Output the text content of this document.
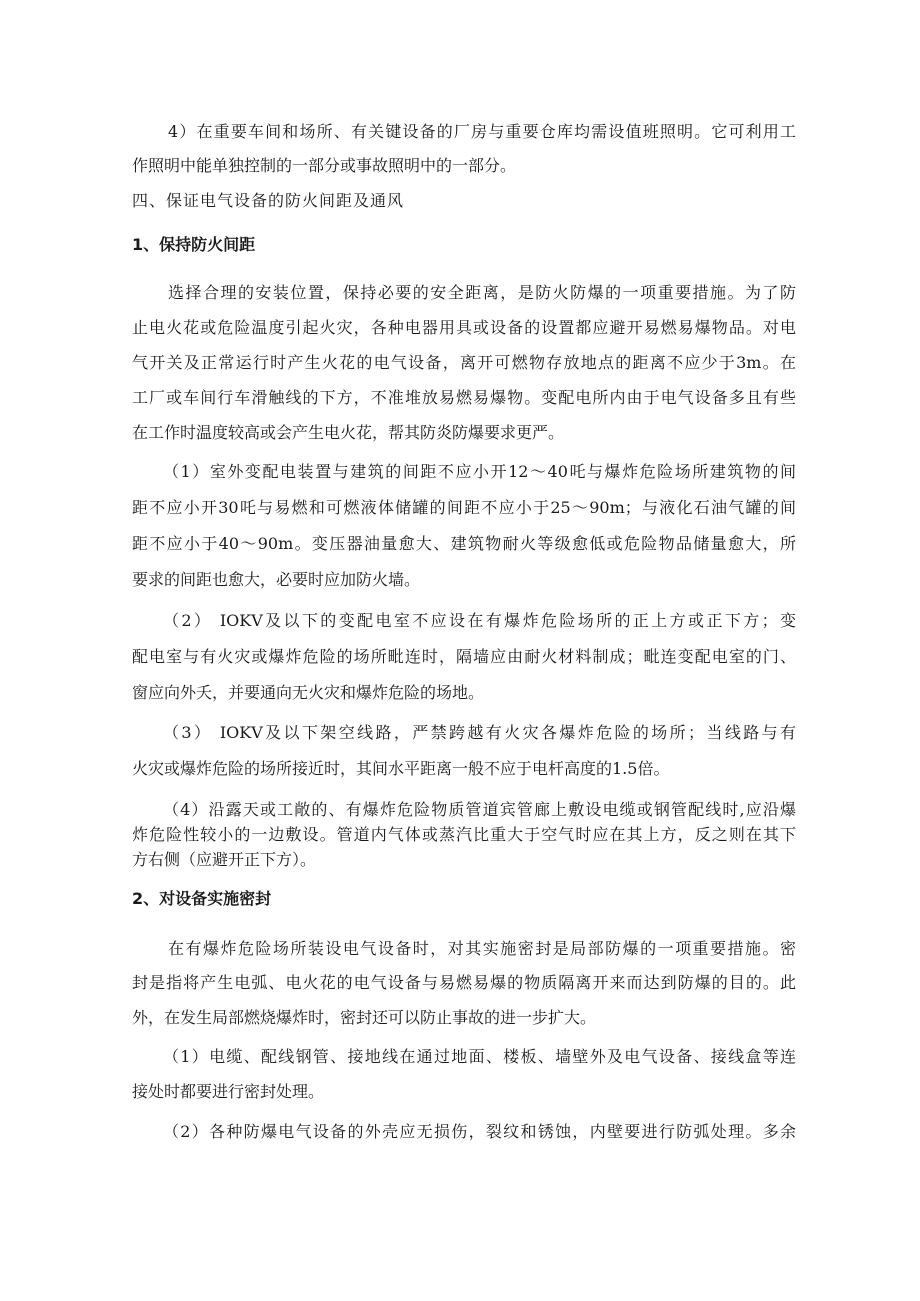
4）在重要车间和场所、有关键设备的厂房与重要仓库均需设值班照明。它可利用工
作照明中能单独控制的一部分或事故照明中的一部分。
四、保证电气设备的防火间距及通风
1、保持防火间距
选择合理的安装位置，保持必要的安全距离，是防火防爆的一项重要措施。为了防
止电火花或危险温度引起火灾，各种电器用具或设备的设置都应避开易燃易爆物品。对电
气开关及正常运行时产生火花的电气设备，离开可燃物存放地点的距离不应少于3m。在
工厂或车间行车滑触线的下方，不准堆放易燃易爆物。变配电所内由于电气设备多且有些
在工作时温度较高或会产生电火花，帮其防炎防爆要求更严。
（1）室外变配电装置与建筑的间距不应小开12～40吒与爆炸危险场所建筑物的间
距不应小开30吒与易燃和可燃液体储罐的间距不应小于25～90m；与液化石油气罐的间
距不应小于40～90m。变压器油量愈大、建筑物耐火等级愈低或危险物品储量愈大，所
要求的间距也愈大，必要时应加防火墙。
（2） IOKV及以下的变配电室不应设在有爆炸危险场所的正上方或正下方；变
配电室与有火灾或爆炸危险的场所毗连时，隔墙应由耐火材料制成；毗连变配电室的门、
窗应向外夭，并要通向无火灾和爆炸危险的场地。
（3） IOKV及以下架空线路，严禁跨越有火灾各爆炸危险的场所；当线路与有
火灾或爆炸危险的场所接近时，其间水平距离一般不应于电杆高度的1.5倍。
（4）沿露天或工敞的、有爆炸危险物质管道宾管廊上敷设电缆或钢管配线时,应沿爆
炸危险性较小的一边敷设。管道内气体或蒸汽比重大于空气时应在其上方，反之则在其下
方右侧（应避开正下方）。
2、对设备实施密封
在有爆炸危险场所装设电气设备时，对其实施密封是局部防爆的一项重要措施。密
封是指将产生电弧、电火花的电气设备与易燃易爆的物质隔离开来而达到防爆的目的。此
外，在发生局部燃烧爆炸时，密封还可以防止事故的进一步扩大。
（1）电缆、配线钢管、接地线在通过地面、楼板、墙壁外及电气设备、接线盒等连
接处时都要进行密封处理。
（2）各种防爆电气设备的外壳应无损伤，裂纹和锈蚀，内壁要进行防弧处理。多余
